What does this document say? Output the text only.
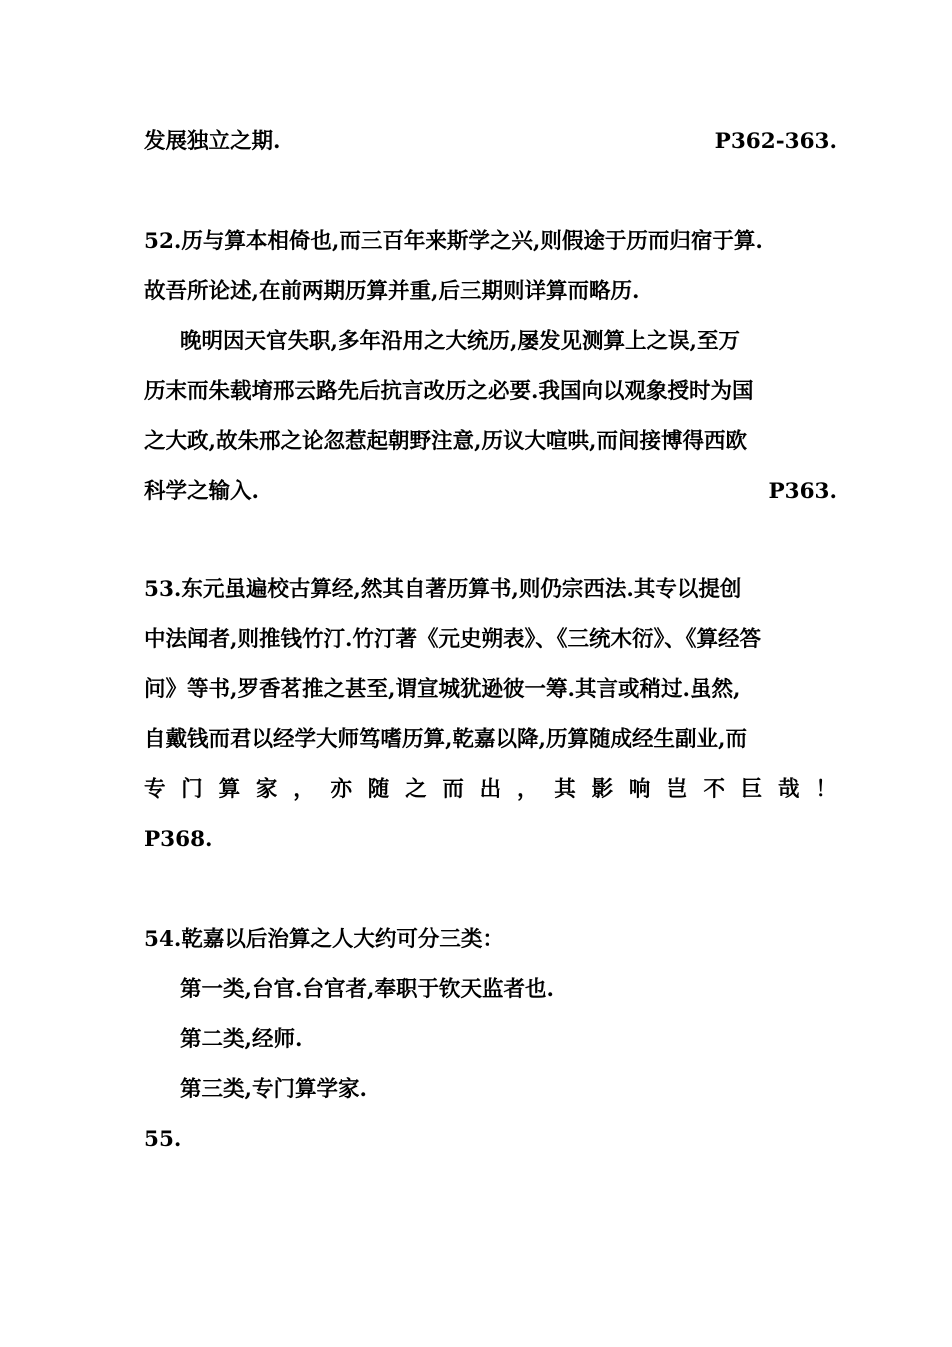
发展独立之期.	P362-363.
52.历与算本相倚也,而三百年来斯学之兴,则假途于历而归宿于算.
故吾所论述,在前两期历算并重,后三期则详算而略历.
晚明因天官失职,多年沿用之大统历,屡发见测算上之误,至万
历末而朱载堉邢云路先后抗言改历之必要.我国向以观象授时为国
之大政,故朱邢之论忽惹起朝野注意,历议大喧哄,而间接博得西欧
科学之输入.	P363.
53.东元虽遍校古算经,然其自著历算书,则仍宗西法.其专以提创
中法闻者,则推钱竹汀.竹汀著《元史朔表》、《三统木衍》、《算经答
问》等书,罗香茗推之甚至,谓宣城犹逊彼一筹.其言或稍过.虽然,
自戴钱而君以经学大师笃嗜历算,乾嘉以降,历算随成经生副业,而
专 门 算 家 ， 亦 随 之 而 出 ， 其 影 响 岂 不 巨 哉 ！
P368.
54.乾嘉以后治算之人大约可分三类：
第一类,台官.台官者,奉职于钦天监者也.
第二类,经师.
第三类,专门算学家.
55.
